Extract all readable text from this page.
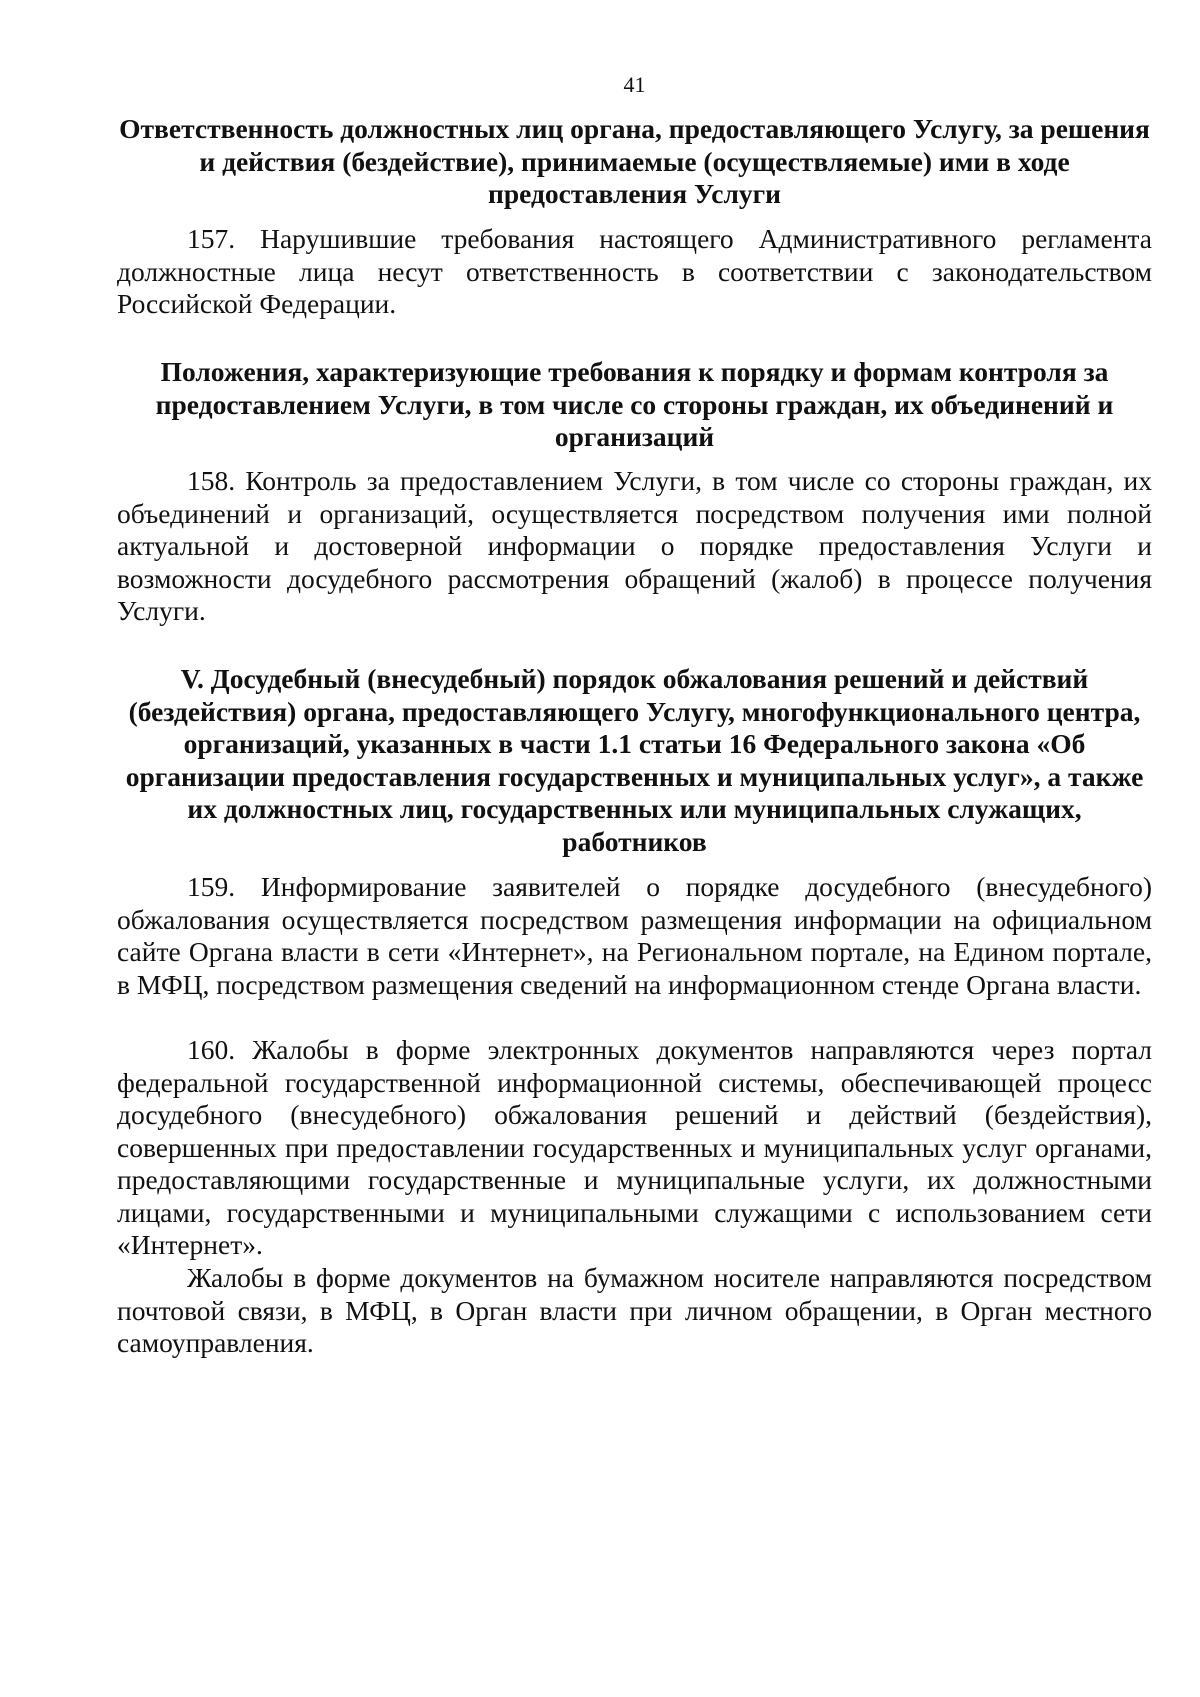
41
Ответственность должностных лиц органа, предоставляющего Услугу, за решения и действия (бездействие), принимаемые (осуществляемые) ими в ходе предоставления Услуги

157. Нарушившие требования настоящего Административного регламента должностные лица несут ответственность в соответствии с законодательством Российской Федерации.

Положения, характеризующие требования к порядку и формам контроля за предоставлением Услуги, в том числе со стороны граждан, их объединений и организаций

158. Контроль за предоставлением Услуги, в том числе со стороны граждан, их объединений и организаций, осуществляется посредством получения ими полной актуальной и достоверной информации о порядке предоставления Услуги и возможности досудебного рассмотрения обращений (жалоб) в процессе получения Услуги.

V. Досудебный (внесудебный) порядок обжалования решений и действий (бездействия) органа, предоставляющего Услугу, многофункционального центра, организаций, указанных в части 1.1 статьи 16 Федерального закона «Об организации предоставления государственных и муниципальных услуг», а также их должностных лиц, государственных или муниципальных служащих, работников

159. Информирование заявителей о порядке досудебного (внесудебного) обжалования осуществляется посредством размещения информации на официальном сайте Органа власти в сети «Интернет», на Региональном портале, на Едином портале, в МФЦ, посредством размещения сведений на информационном стенде Органа власти.

160. Жалобы в форме электронных документов направляются через портал федеральной государственной информационной системы, обеспечивающей процесс досудебного (внесудебного) обжалования решений и действий (бездействия), совершенных при предоставлении государственных и муниципальных услуг органами, предоставляющими государственные и муниципальные услуги, их должностными лицами, государственными и муниципальными служащими с использованием сети «Интернет».

Жалобы в форме документов на бумажном носителе направляются посредством почтовой связи, в МФЦ, в Орган власти при личном обращении, в Орган местного самоуправления.
